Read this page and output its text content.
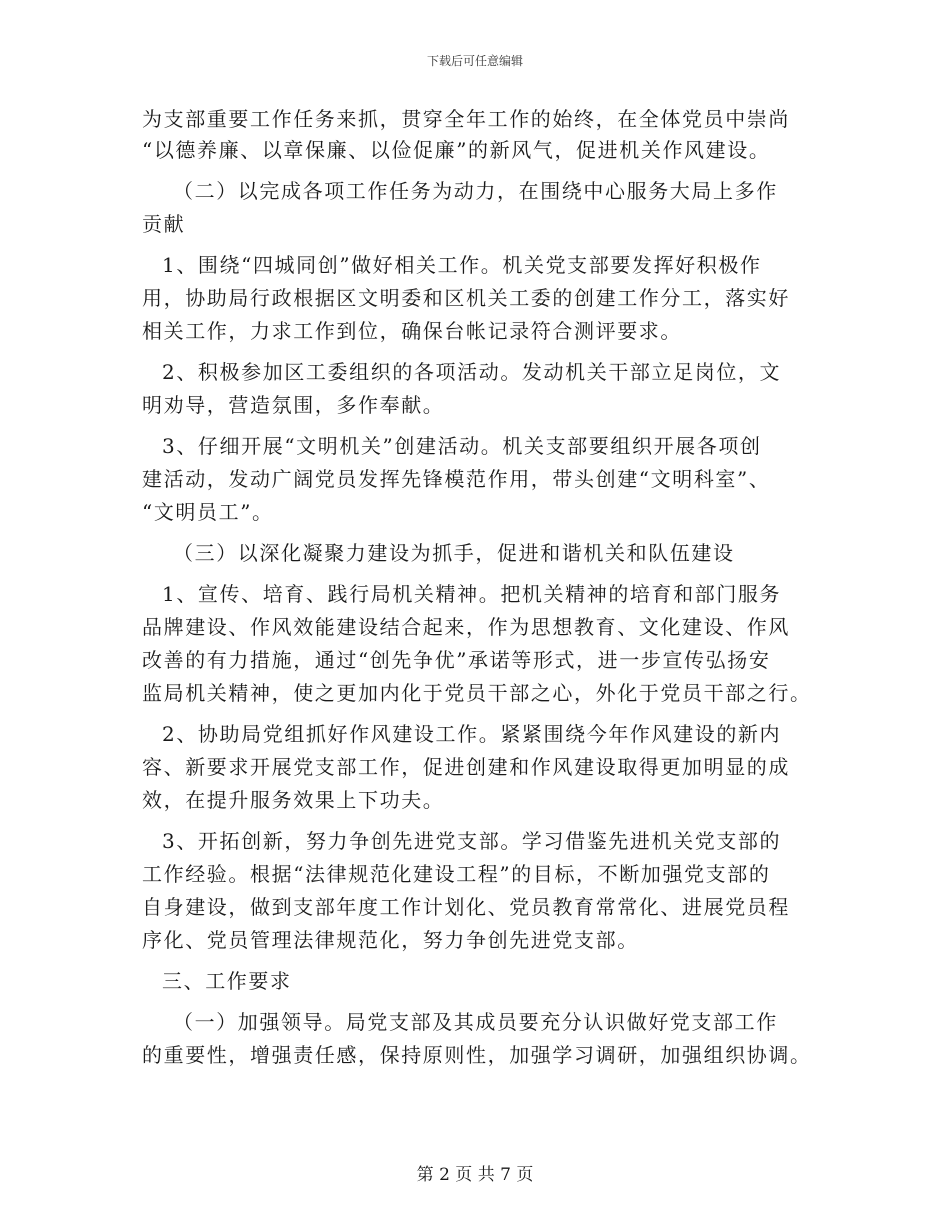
下载后可任意编辑
为支部重要工作任务来抓，贯穿全年工作的始终，在全体党员中崇尚
“以德养廉、以章保廉、以俭促廉”的新风气，促进机关作风建设。
（二）以完成各项工作任务为动力，在围绕中心服务大局上多作
贡献
1、围绕“四城同创”做好相关工作。机关党支部要发挥好积极作
用，协助局行政根据区文明委和区机关工委的创建工作分工，落实好
相关工作，力求工作到位，确保台帐记录符合测评要求。
2、积极参加区工委组织的各项活动。发动机关干部立足岗位，文
明劝导，营造氛围，多作奉献。
3、仔细开展“文明机关”创建活动。机关支部要组织开展各项创
建活动，发动广阔党员发挥先锋模范作用，带头创建“文明科室”、
“文明员工”。
（三）以深化凝聚力建设为抓手，促进和谐机关和队伍建设
1、宣传、培育、践行局机关精神。把机关精神的培育和部门服务
品牌建设、作风效能建设结合起来，作为思想教育、文化建设、作风
改善的有力措施，通过“创先争优”承诺等形式，进一步宣传弘扬安
监局机关精神，使之更加内化于党员干部之心，外化于党员干部之行。
2、协助局党组抓好作风建设工作。紧紧围绕今年作风建设的新内
容、新要求开展党支部工作，促进创建和作风建设取得更加明显的成
效，在提升服务效果上下功夫。
3、开拓创新，努力争创先进党支部。学习借鉴先进机关党支部的
工作经验。根据“法律规范化建设工程”的目标，不断加强党支部的
自身建设，做到支部年度工作计划化、党员教育常常化、进展党员程
序化、党员管理法律规范化，努力争创先进党支部。
三、工作要求
（一）加强领导。局党支部及其成员要充分认识做好党支部工作
的重要性，增强责任感，保持原则性，加强学习调研，加强组织协调。
第 2 页 共 7 页
